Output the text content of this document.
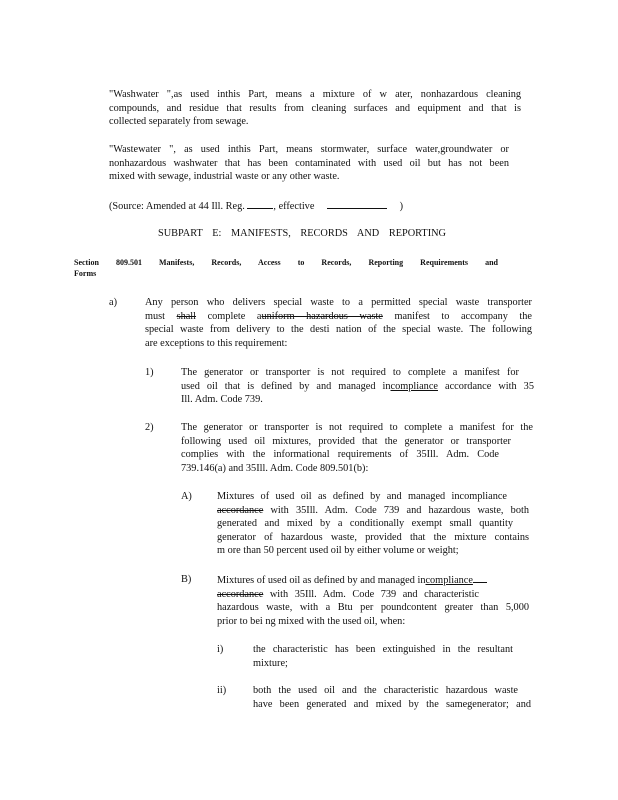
"Washwater ",as used inthis Part, means a mixture of w ater, nonhazardous cleaning
compounds, and residue that results from cleaning surfaces and equipment and that is
collected separately from sewage.
"Wastewater ", as used inthis Part, means stormwater, surface water,groundwater or
nonhazardous washwater that has been contaminated with used oil but has not been
mixed with sewage, industrial waste or any other waste.
(Source: Amended at 44 Ill. Reg.	, effective	)
SUBPART E: MANIFESTS, RECORDS AND REPORTING
Section 809.501 Manifests, Records, Access to Records, Reporting Requirements and
Forms
a)	Any person who delivers special waste to a permitted special waste transporter
must shall complete auniform hazardous waste manifest to accompany the
special waste from delivery to the desti nation of the special waste. The following
are exceptions to this requirement:
1)	The generator or transporter is not required to complete a manifest for
used oil that is defined by and managed incompliance accordance with 35
Ill. Adm. Code 739.
2)	The generator or transporter is not required to complete a manifest for the
following used oil mixtures, provided that the generator or transporter
complies with the informational requirements of 35Ill. Adm. Code
739.146(a) and 35Ill. Adm. Code 809.501(b):
A) Mixtures of used oil as defined by and managed incompliance
accordance with 35Ill. Adm. Code 739 and hazardous waste, both
generated and mixed by a conditionally exempt small quantity
generator of hazardous waste, provided that the mixture contains
m ore than 50 percent used oil by either volume or weight;
B) Mixtures of used oil as defined by and managed incompliance
accordance with 35Ill. Adm. Code 739 and characteristic
hazardous waste, with a Btu per poundcontent greater than 5,000
prior to bei ng mixed with the used oil, when:
i)	the characteristic has been extinguished in the resultant
mixture;
ii)	both the used oil and the characteristic hazardous waste
have been generated and mixed by the samegenerator; and
